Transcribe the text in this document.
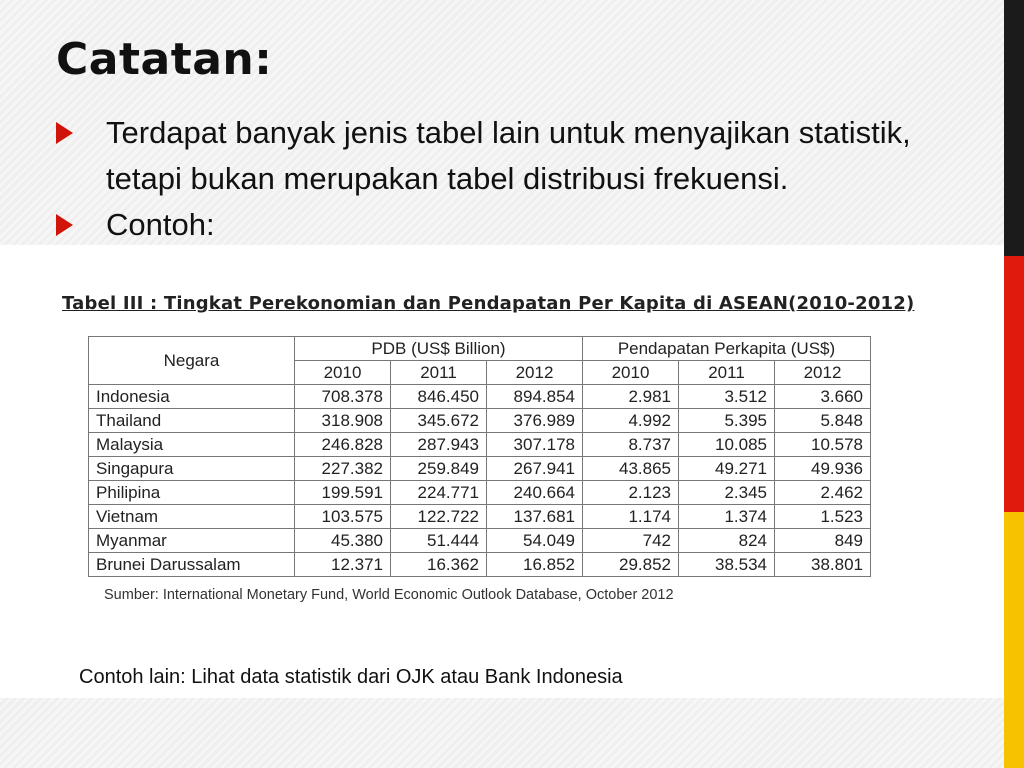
Catatan:
Terdapat banyak jenis tabel lain untuk menyajikan statistik, tetapi bukan merupakan tabel distribusi frekuensi.
Contoh:
Tabel III : Tingkat Perekonomian dan Pendapatan Per Kapita di ASEAN(2010-2012)
Negara	PDB (US$ Billion)			Pendapatan Perkapita (US$)		
	2010	2011	2012	2010	2011	2012
Indonesia	708.378	846.450	894.854	2.981	3.512	3.660
Thailand	318.908	345.672	376.989	4.992	5.395	5.848
Malaysia	246.828	287.943	307.178	8.737	10.085	10.578
Singapura	227.382	259.849	267.941	43.865	49.271	49.936
Philipina	199.591	224.771	240.664	2.123	2.345	2.462
Vietnam	103.575	122.722	137.681	1.174	1.374	1.523
Myanmar	45.380	51.444	54.049	742	824	849
Brunei Darussalam	12.371	16.362	16.852	29.852	38.534	38.801
Sumber: International Monetary Fund, World Economic Outlook Database, October 2012
Contoh lain: Lihat data statistik dari OJK atau Bank Indonesia
